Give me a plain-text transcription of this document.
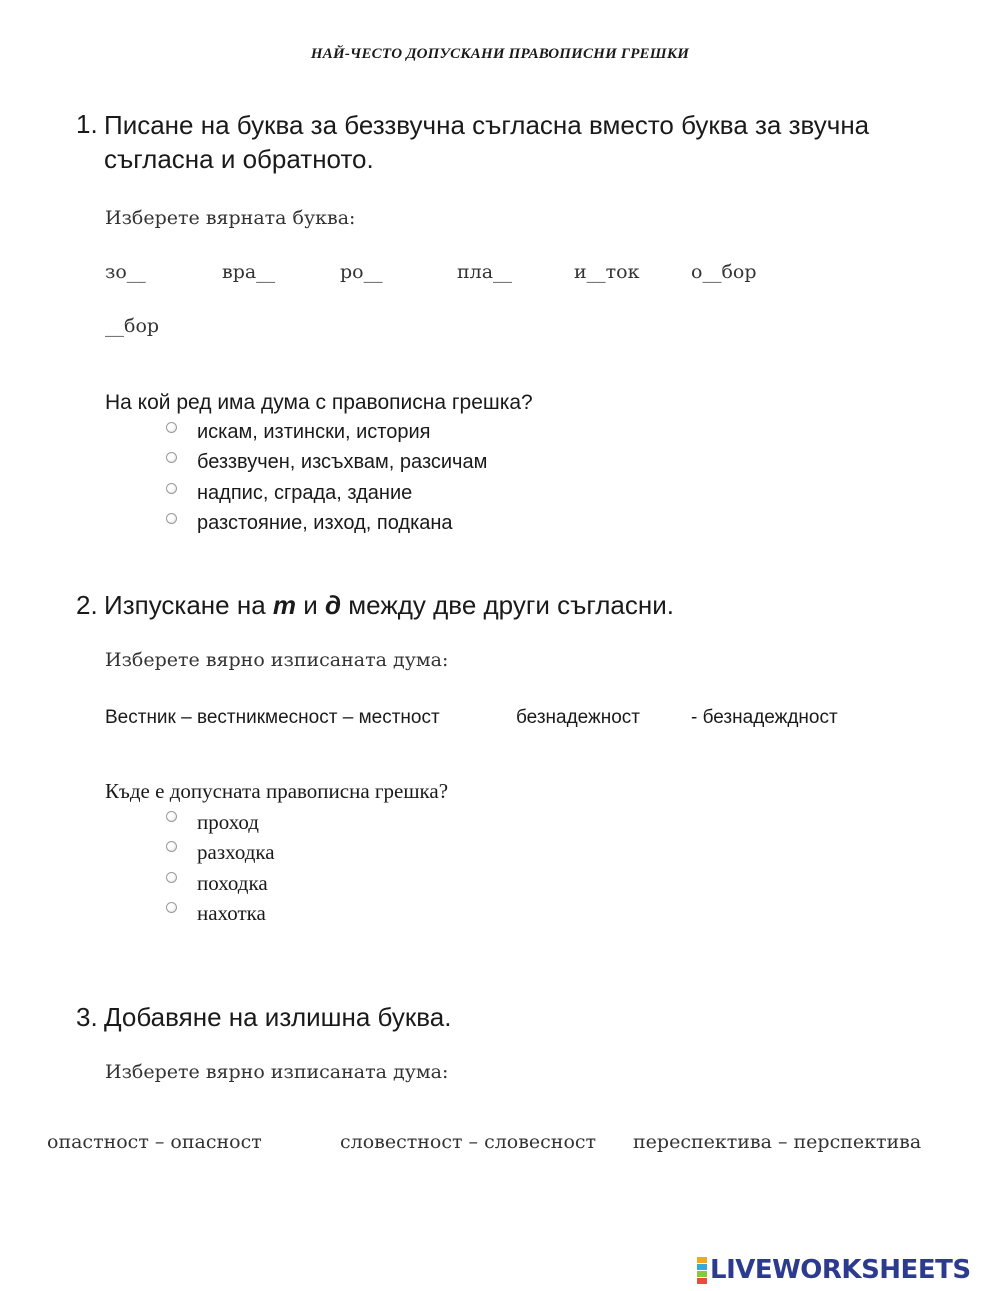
НАЙ-ЧЕСТО ДОПУСКАНИ ПРАВОПИСНИ ГРЕШКИ
1. Писане на буква за беззвучна съгласна вместо буква за звучна съгласна и обратното.
Изберете вярната буква:
зо__	вра__	ро__	пла__	и__ток	о__бор
__бор
На кой ред има дума с правописна грешка?
искам, изтински, история
беззвучен, изсъхвам, разсичам
надпис, сграда, здание
разстояние, изход, подкана
2. Изпускане на т и д между две други съгласни.
Изберете вярно изписаната дума:
Вестник – вестникмесност – местност	безнадежност	- безнадеждност
Къде е допусната правописна грешка?
проход
разходка
походка
нахотка
3. Добавяне на излишна буква.
Изберете вярно изписаната дума:
опастност – опасност	словестност – словесност переспектива – перспектива
LIVEWORKSHEETS
